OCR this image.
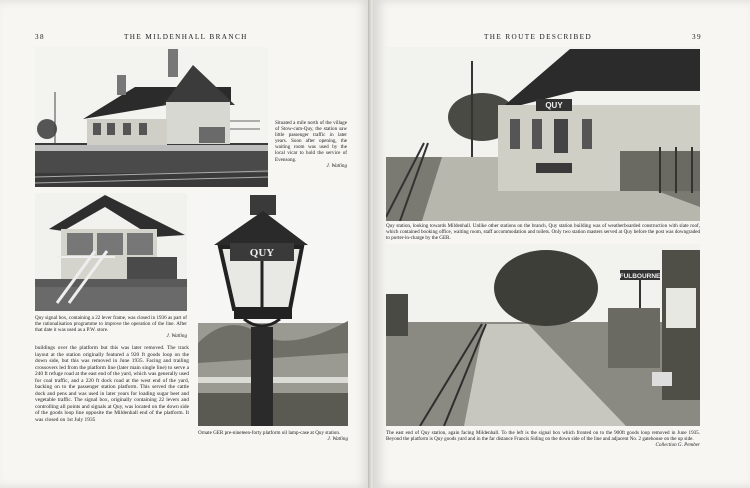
38	THE MILDENHALL BRANCH
Situated a mile north of the village of Stow-cum-Quy, the station saw little passenger traffic in later years. Soon after opening, the waiting room was used by the local vicar to hold the service of Evensong.
J. Watling
Quy signal box, containing a 22 lever frame, was closed in 1936 as part of the rationalisation programme to improve the operation of the line. After that date it was used as a P.W. store.
J. Watling
QUY
Ornate GER pre-nineteen-forty platform oil lamp-case at Quy station.
J. Watling
buildings over the platform but this was later removed. The track layout at the station originally featured a 920 ft goods loop on the down side, but this was removed in June 1935. Facing and trailing crossovers led from the platform line (later main single line) to serve a 240 ft refuge road at the east end of the yard, which was generally used for coal traffic, and a 220 ft dock road at the west end of the yard, backing on to the passenger station platform. This served the cattle dock and pens and was used in later years for loading sugar beet and vegetable traffic. The signal box, originally containing 22 levers and controlling all points and signals at Quy, was located on the down side of the goods loop line opposite the Mildenhall end of the platform. It was closed on 1st July 1935
THE ROUTE DESCRIBED	39
QUY
Quy station, looking towards Mildenhall. Unlike other stations on the branch, Quy station building was of weatherboarded construction with slate roof, which contained booking office, waiting room, staff accommodation and toilets. Only two station masters served at Quy before the post was downgraded to porter-in-charge by the GER.
FULBOURNE
The east end of Quy station, again facing Mildenhall. To the left is the signal box which fronted on to the 900ft goods loop removed in June 1935. Beyond the platform is Quy goods yard and in the far distance Francis Siding on the down side of the line and adjacent No. 2 gatehouse on the up side.
Collection G. Pember
